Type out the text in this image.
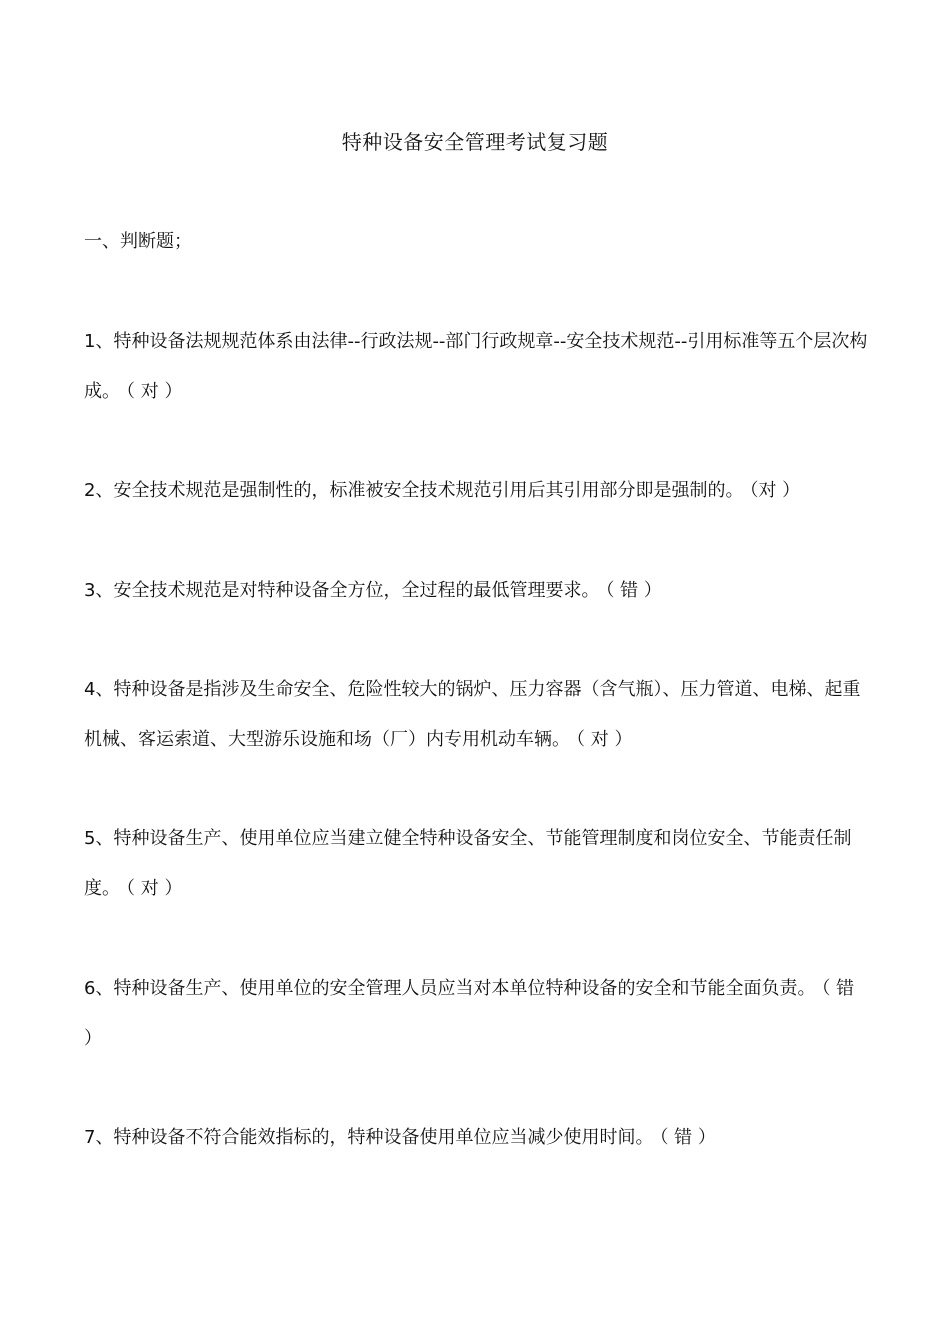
特种设备安全管理考试复习题
一、判断题；

1、特种设备法规规范体系由法律--行政法规--部门行政规章--安全技术规范--引用标准等五个层次构成。 （ 对 ）

2、安全技术规范是强制性的，标准被安全技术规范引用后其引用部分即是强制的。 （对 ）

3、安全技术规范是对特种设备全方位，全过程的最低管理要求。 （ 错 ）

4、特种设备是指涉及生命安全、危险性较大的锅炉、压力容器（含气瓶）、压力管道、电梯、起重机械、客运索道、大型游乐设施和场（厂）内专用机动车辆。 （ 对 ）

5、特种设备生产、使用单位应当建立健全特种设备安全、节能管理制度和岗位安全、节能责任制度。 （ 对 ）

6、特种设备生产、使用单位的安全管理人员应当对本单位特种设备的安全和节能全面负责。 （ 错 ）

7、特种设备不符合能效指标的，特种设备使用单位应当减少使用时间。 （ 错 ）
